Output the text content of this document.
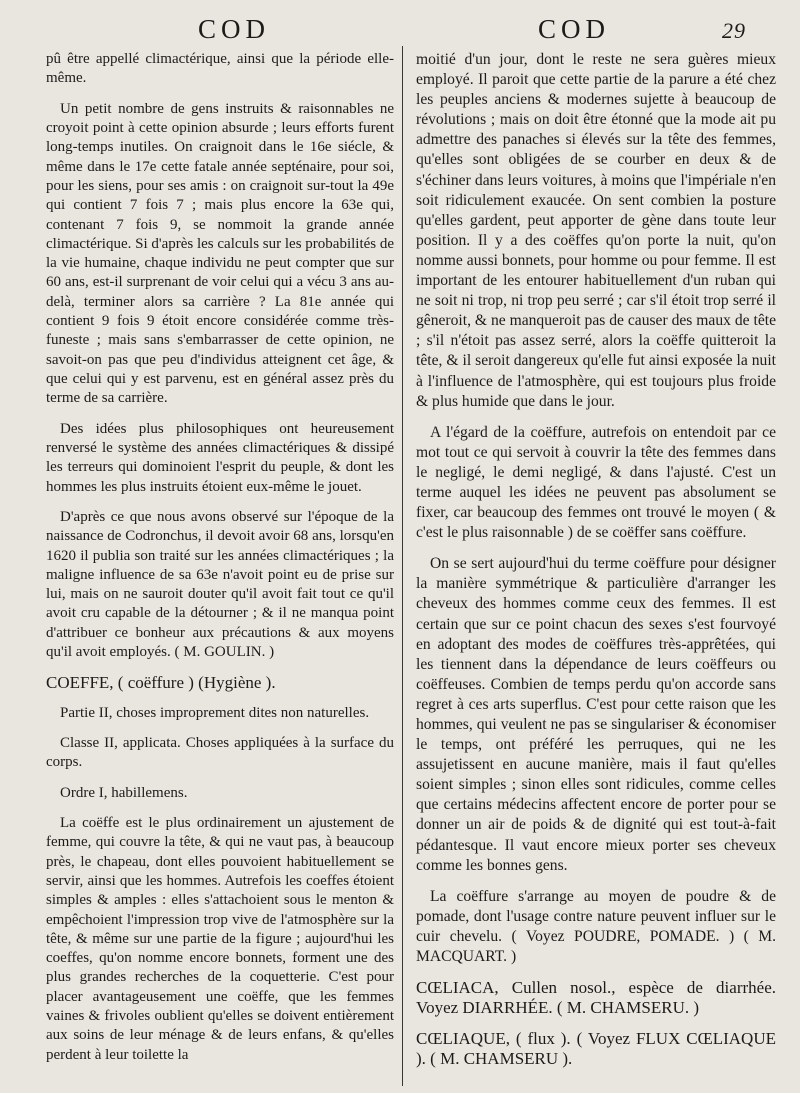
COD	COD	29

pû être appellé climactérique, ainsi que la période elle-même.

Un petit nombre de gens instruits & raisonnables ne croyoit point à cette opinion absurde ; leurs efforts furent long-temps inutiles. On craignoit dans le 16e siécle, & même dans le 17e cette fatale année septénaire, pour soi, pour les siens, pour ses amis : on craignoit sur-tout la 49e qui contient 7 fois 7 ; mais plus encore la 63e qui, contenant 7 fois 9, se nommoit la grande année climactérique. Si d'après les calculs sur les probabilités de la vie humaine, chaque individu ne peut compter que sur 60 ans, est-il surprenant de voir celui qui a vécu 3 ans au-delà, terminer alors sa carrière ? La 81e année qui contient 9 fois 9 étoit encore considérée comme très-funeste ; mais sans s'embarrasser de cette opinion, ne savoit-on pas que peu d'individus atteignent cet âge, & que celui qui y est parvenu, est en général assez près du terme de sa carrière.

Des idées plus philosophiques ont heureusement renversé le système des années climactériques & dissipé les terreurs qui dominoient l'esprit du peuple, & dont les hommes les plus instruits étoient eux-même le jouet.

D'après ce que nous avons observé sur l'époque de la naissance de Codronchus, il devoit avoir 68 ans, lorsqu'en 1620 il publia son traité sur les années climactériques ; la maligne influence de sa 63e n'avoit point eu de prise sur lui, mais on ne sauroit douter qu'il avoit fait tout ce qu'il avoit cru capable de la détourner ; & il ne manqua point d'attribuer ce bonheur aux précautions & aux moyens qu'il avoit employés. ( M. GOULIN. )

COEFFE, ( coëffure ) (Hygiène ).

Partie II, choses improprement dites non naturelles.

Classe II, applicata. Choses appliquées à la surface du corps.

Ordre I, habillemens.

La coëffe est le plus ordinairement un ajustement de femme, qui couvre la tête, & qui ne vaut pas, à beaucoup près, le chapeau, dont elles pouvoient habituellement se servir, ainsi que les hommes. Autrefois les coeffes étoient simples & amples : elles s'attachoient sous le menton & empêchoient l'impression trop vive de l'atmosphère sur la tête, & même sur une partie de la figure ; aujourd'hui les coeffes, qu'on nomme encore bonnets, forment une des plus grandes recherches de la coquetterie. C'est pour placer avantageusement une coëffe, que les femmes vaines & frivoles oublient qu'elles se doivent entièrement aux soins de leur ménage & de leurs enfans, & qu'elles perdent à leur toilette la

moitié d'un jour, dont le reste ne sera guères mieux employé. Il paroit que cette partie de la parure a été chez les peuples anciens & modernes sujette à beaucoup de révolutions ; mais on doit être étonné que la mode ait pu admettre des panaches si élevés sur la tête des femmes, qu'elles sont obligées de se courber en deux & de s'échiner dans leurs voitures, à moins que l'impériale n'en soit ridiculement exaucée. On sent combien la posture qu'elles gardent, peut apporter de gène dans toute leur position. Il y a des coëffes qu'on porte la nuit, qu'on nomme aussi bonnets, pour homme ou pour femme. Il est important de les entourer habituellement d'un ruban qui ne soit ni trop, ni trop peu serré ; car s'il étoit trop serré il gêneroit, & ne manqueroit pas de causer des maux de tête ; s'il n'étoit pas assez serré, alors la coëffe quitteroit la tête, & il seroit dangereux qu'elle fut ainsi exposée la nuit à l'influence de l'atmosphère, qui est toujours plus froide & plus humide que dans le jour.

A l'égard de la coëffure, autrefois on entendoit par ce mot tout ce qui servoit à couvrir la tête des femmes dans le negligé, le demi negligé, & dans l'ajusté. C'est un terme auquel les idées ne peuvent pas absolument se fixer, car beaucoup des femmes ont trouvé le moyen ( & c'est le plus raisonnable ) de se coëffer sans coëffure.

On se sert aujourd'hui du terme coëffure pour désigner la manière symmétrique & particulière d'arranger les cheveux des hommes comme ceux des femmes. Il est certain que sur ce point chacun des sexes s'est fourvoyé en adoptant des modes de coëffures très-apprêtées, qui les tiennent dans la dépendance de leurs coëffeurs ou coëffeuses. Combien de temps perdu qu'on accorde sans regret à ces arts superflus. C'est pour cette raison que les hommes, qui veulent ne pas se singulariser & économiser le temps, ont préféré les perruques, qui ne les assujetissent en aucune manière, mais il faut qu'elles soient simples ; sinon elles sont ridicules, comme celles que certains médecins affectent encore de porter pour se donner un air de poids & de dignité qui est tout-à-fait pédantesque. Il vaut encore mieux porter ses cheveux comme les bonnes gens.

La coëffure s'arrange au moyen de poudre & de pomade, dont l'usage contre nature peuvent influer sur le cuir chevelu. ( Voyez POUDRE, POMADE. ) ( M. MACQUART. )

CŒLIACA, Cullen nosol., espèce de diarrhée. Voyez DIARRHÉE. ( M. CHAMSERU. )

CŒLIAQUE, ( flux ). ( Voyez FLUX CŒLIAQUE ). ( M. CHAMSERU ).
